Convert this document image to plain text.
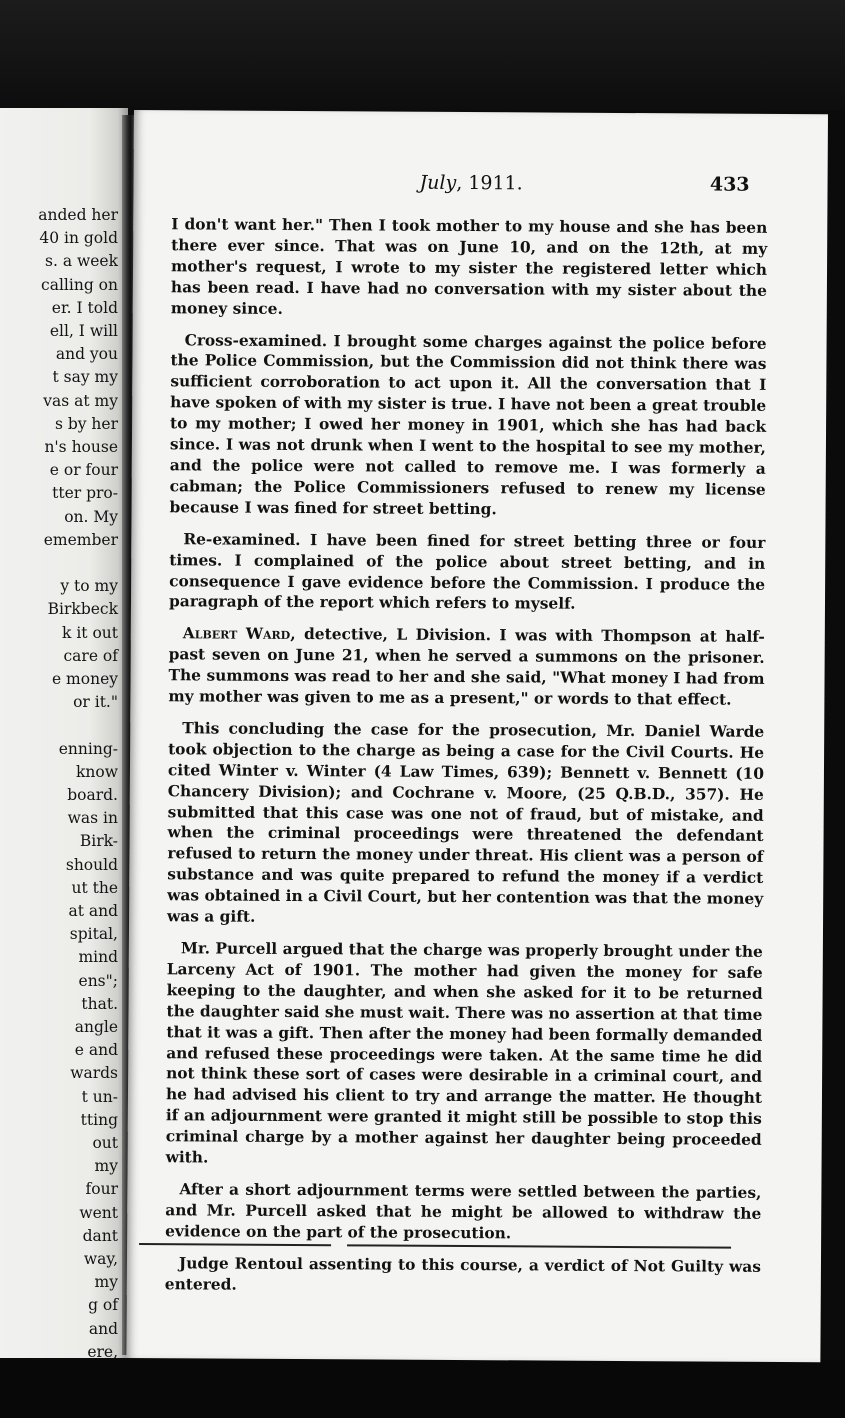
anded her
40 in gold
s. a week
calling on
er. I told
ell, I will
and you
t say my
vas at my
s by her
n's house
e or four
tter pro-
on. My
emember
y to my
Birkbeck
k it out
care of
e money
or it."
enning-
know
board.
was in
Birk-
should
ut the
at and
spital,
mind
ens";
that.
angle
e and
wards
t un-
tting
out
my
four
went
dant
way,
my
g of
and
ere,
July, 1911.	433

I don't want her." Then I took mother to my house and she has been there ever since. That was on June 10, and on the 12th, at my mother's request, I wrote to my sister the registered letter which has been read. I have had no conversation with my sister about the money since.

Cross-examined. I brought some charges against the police before the Police Commission, but the Commission did not think there was sufficient corroboration to act upon it. All the conversation that I have spoken of with my sister is true. I have not been a great trouble to my mother; I owed her money in 1901, which she has had back since. I was not drunk when I went to the hospital to see my mother, and the police were not called to remove me. I was formerly a cabman; the Police Commissioners refused to renew my license because I was fined for street betting.

Re-examined. I have been fined for street betting three or four times. I complained of the police about street betting, and in consequence I gave evidence before the Commission. I produce the paragraph of the report which refers to myself.

Albert Ward, detective, L Division. I was with Thompson at half-past seven on June 21, when he served a summons on the prisoner. The summons was read to her and she said, "What money I had from my mother was given to me as a present," or words to that effect.

This concluding the case for the prosecution, Mr. Daniel Warde took objection to the charge as being a case for the Civil Courts. He cited Winter v. Winter (4 Law Times, 639); Bennett v. Bennett (10 Chancery Division); and Cochrane v. Moore, (25 Q.B.D., 357). He submitted that this case was one not of fraud, but of mistake, and when the criminal proceedings were threatened the defendant refused to return the money under threat. His client was a person of substance and was quite prepared to refund the money if a verdict was obtained in a Civil Court, but her contention was that the money was a gift.

Mr. Purcell argued that the charge was properly brought under the Larceny Act of 1901. The mother had given the money for safe keeping to the daughter, and when she asked for it to be returned the daughter said she must wait. There was no assertion at that time that it was a gift. Then after the money had been formally demanded and refused these proceedings were taken. At the same time he did not think these sort of cases were desirable in a criminal court, and he had advised his client to try and arrange the matter. He thought if an adjournment were granted it might still be possible to stop this criminal charge by a mother against her daughter being proceeded with.

After a short adjournment terms were settled between the parties, and Mr. Purcell asked that he might be allowed to withdraw the evidence on the part of the prosecution.

Judge Rentoul assenting to this course, a verdict of Not Guilty was entered.
